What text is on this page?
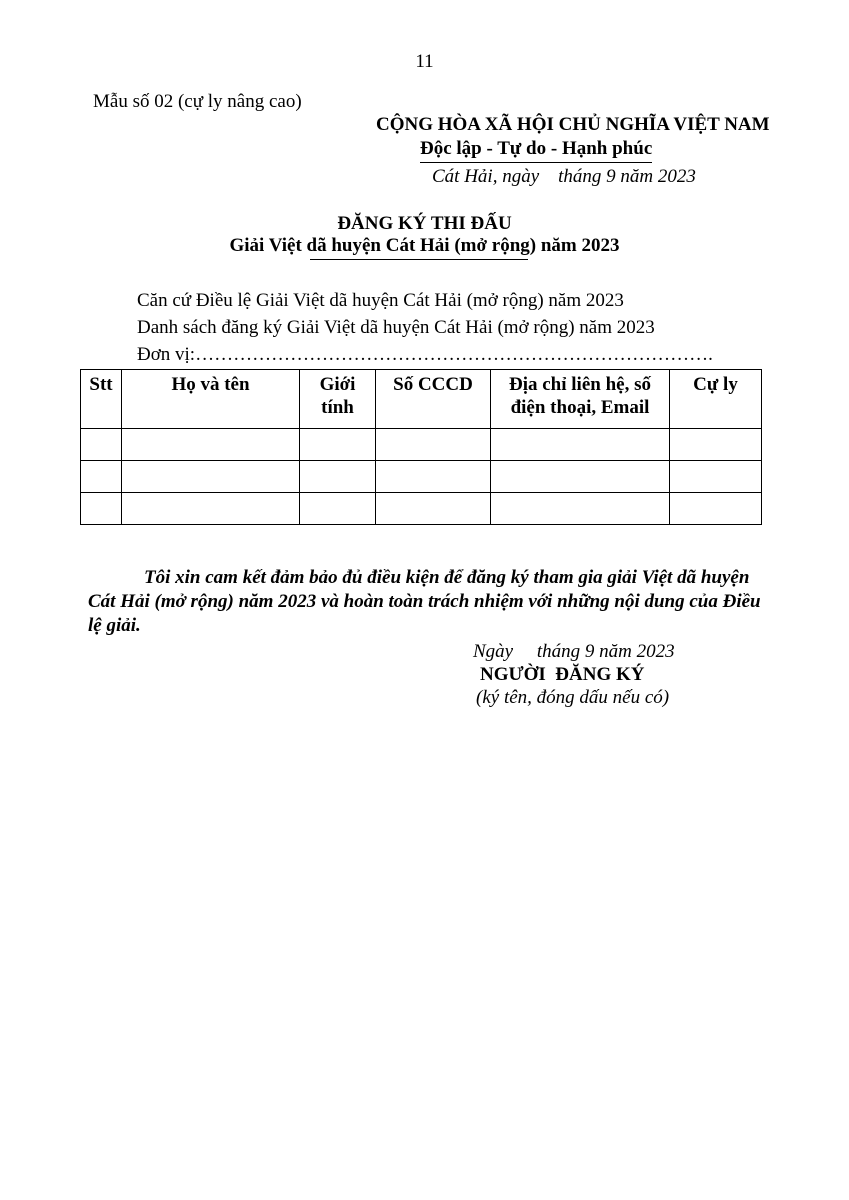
11
Mẫu số 02 (cự ly nâng cao)
CỘNG HÒA XÃ HỘI CHỦ NGHĨA VIỆT NAM
Độc lập - Tự do - Hạnh phúc
Cát Hải, ngày    tháng 9 năm 2023
ĐĂNG KÝ THI ĐẤU
Giải Việt dã huyện Cát Hải (mở rộng) năm 2023
Căn cứ Điều lệ Giải Việt dã huyện Cát Hải (mở rộng) năm 2023
Danh sách đăng ký Giải Việt dã huyện Cát Hải (mở rộng) năm 2023
Đơn vị:……………………………………………………………………….
Stt	Họ và tên	Giới tính	Số CCCD	Địa chỉ liên hệ, số điện thoại, Email	Cự ly

Tôi xin cam kết đảm bảo đủ điều kiện để đăng ký tham gia giải Việt dã huyện Cát Hải (mở rộng) năm 2023 và hoàn toàn trách nhiệm với những nội dung của Điều lệ giải.
Ngày     tháng 9 năm 2023
NGƯỜI  ĐĂNG KÝ
(ký tên, đóng dấu nếu có)
